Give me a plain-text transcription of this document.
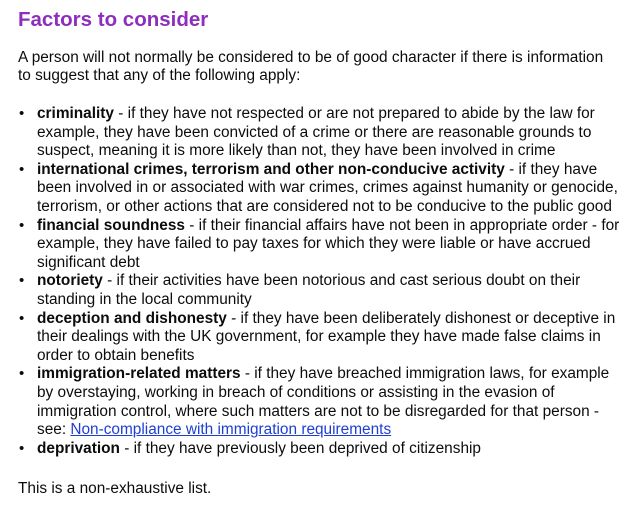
Factors to consider

A person will not normally be considered to be of good character if there is information to suggest that any of the following apply:

• criminality - if they have not respected or are not prepared to abide by the law for example, they have been convicted of a crime or there are reasonable grounds to suspect, meaning it is more likely than not, they have been involved in crime
• international crimes, terrorism and other non-conducive activity - if they have been involved in or associated with war crimes, crimes against humanity or genocide, terrorism, or other actions that are considered not to be conducive to the public good
• financial soundness - if their financial affairs have not been in appropriate order - for example, they have failed to pay taxes for which they were liable or have accrued significant debt
• notoriety - if their activities have been notorious and cast serious doubt on their standing in the local community
• deception and dishonesty - if they have been deliberately dishonest or deceptive in their dealings with the UK government, for example they have made false claims in order to obtain benefits
• immigration-related matters - if they have breached immigration laws, for example by overstaying, working in breach of conditions or assisting in the evasion of immigration control, where such matters are not to be disregarded for that person - see: Non-compliance with immigration requirements
• deprivation - if they have previously been deprived of citizenship

This is a non-exhaustive list.
